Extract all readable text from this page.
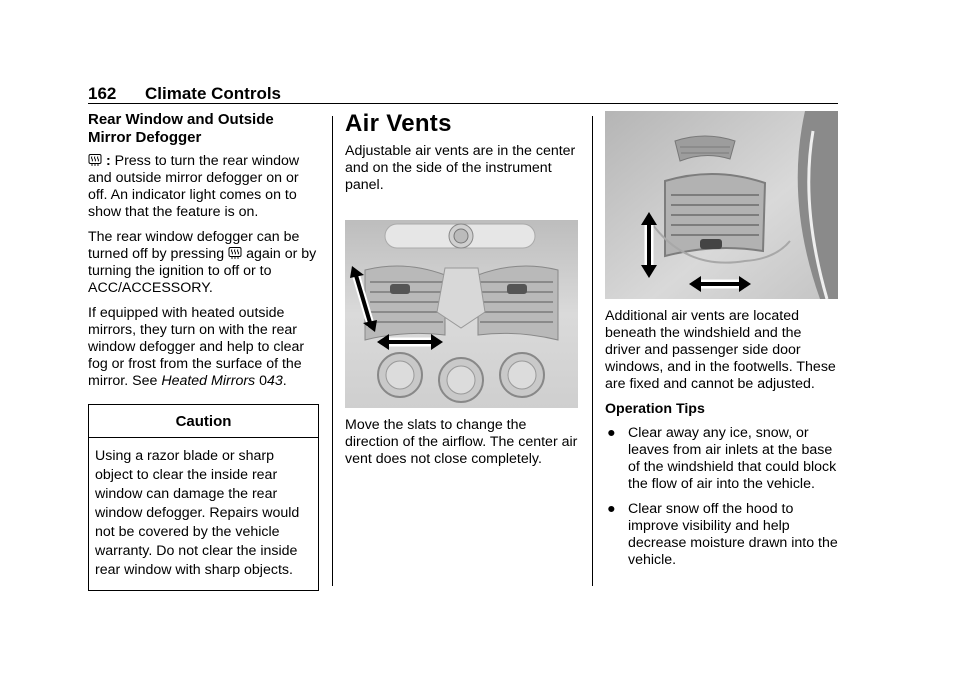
162 Climate Controls
Rear Window and Outside Mirror Defogger

: Press to turn the rear window and outside mirror defogger on or off. An indicator light comes on to show that the feature is on.

The rear window defogger can be turned off by pressing  again or by turning the ignition to off or to ACC/ACCESSORY.

If equipped with heated outside mirrors, they turn on with the rear window defogger and help to clear fog or frost from the surface of the mirror. See Heated Mirrors 043.

Caution
Using a razor blade or sharp object to clear the inside rear window can damage the rear window defogger. Repairs would not be covered by the vehicle warranty. Do not clear the inside rear window with sharp objects.
Air Vents

Adjustable air vents are in the center and on the side of the instrument panel.

Move the slats to change the direction of the airflow. The center air vent does not close completely.

Additional air vents are located beneath the windshield and the driver and passenger side door windows, and in the footwells. These are fixed and cannot be adjusted.

Operation Tips
● Clear away any ice, snow, or leaves from air inlets at the base of the windshield that could block the flow of air into the vehicle.
● Clear snow off the hood to improve visibility and help decrease moisture drawn into the vehicle.
